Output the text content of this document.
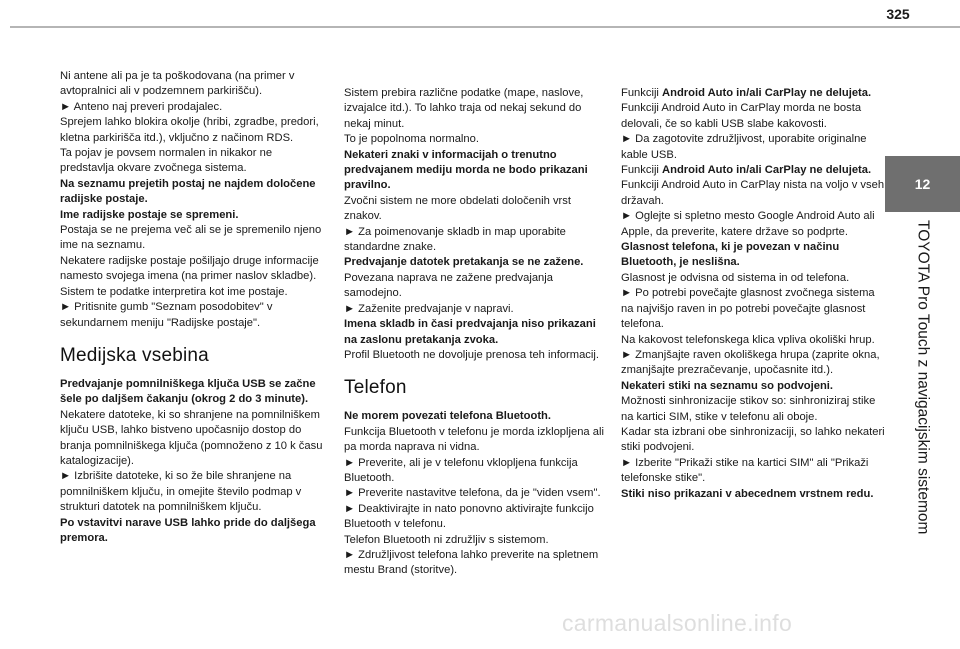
325
12
TOYOTA Pro Touch z navigacijskim sistemom

Ni antene ali pa je ta poškodovana (na primer v avtopralnici ali v podzemnem parkirišču).

► Anteno naj preveri prodajalec.

Sprejem lahko blokira okolje (hribi, zgradbe, predori, kletna parkirišča itd.), vključno z načinom RDS.

Ta pojav je povsem normalen in nikakor ne predstavlja okvare zvočnega sistema.

Na seznamu prejetih postaj ne najdem določene radijske postaje.

Ime radijske postaje se spremeni.

Postaja se ne prejema več ali se je spremenilo njeno ime na seznamu.

Nekatere radijske postaje pošiljajo druge informacije namesto svojega imena (na primer naslov skladbe).

Sistem te podatke interpretira kot ime postaje.

► Pritisnite gumb "Seznam posodobitev" v sekundarnem meniju "Radijske postaje".

Medijska vsebina

Predvajanje pomnilniškega ključa USB se začne šele po daljšem čakanju (okrog 2 do 3 minute).

Nekatere datoteke, ki so shranjene na pomnilniškem ključu USB, lahko bistveno upočasnijo dostop do branja pomnilniškega ključa (pomnoženo z 10 k času katalogizacije).

► Izbrišite datoteke, ki so že bile shranjene na pomnilniškem ključu, in omejite število podmap v strukturi datotek na pomnilniškem ključu.

Po vstavitvi narave USB lahko pride do daljšega premora.

Sistem prebira različne podatke (mape, naslove, izvajalce itd.). To lahko traja od nekaj sekund do nekaj minut.

To je popolnoma normalno.

Nekateri znaki v informacijah o trenutno predvajanem mediju morda ne bodo prikazani pravilno.

Zvočni sistem ne more obdelati določenih vrst znakov.

► Za poimenovanje skladb in map uporabite standardne znake.

Predvajanje datotek pretakanja se ne zažene.

Povezana naprava ne zažene predvajanja samodejno.

► Zaženite predvajanje v napravi.

Imena skladb in časi predvajanja niso prikazani na zaslonu pretakanja zvoka.

Profil Bluetooth ne dovoljuje prenosa teh informacij.

Telefon

Ne morem povezati telefona Bluetooth.

Funkcija Bluetooth v telefonu je morda izklopljena ali pa morda naprava ni vidna.

► Preverite, ali je v telefonu vklopljena funkcija Bluetooth.

► Preverite nastavitve telefona, da je "viden vsem".

► Deaktivirajte in nato ponovno aktivirajte funkcijo Bluetooth v telefonu.

Telefon Bluetooth ni združljiv s sistemom.

► Združljivost telefona lahko preverite na spletnem mestu Brand (storitve).

Funkciji Android Auto in/ali CarPlay ne delujeta.

Funkciji Android Auto in CarPlay morda ne bosta delovali, če so kabli USB slabe kakovosti.

► Da zagotovite združljivost, uporabite originalne kable USB.

Funkciji Android Auto in/ali CarPlay ne delujeta.

Funkciji Android Auto in CarPlay nista na voljo v vseh državah.

► Oglejte si spletno mesto Google Android Auto ali Apple, da preverite, katere države so podprte.

Glasnost telefona, ki je povezan v načinu Bluetooth, je neslišna.

Glasnost je odvisna od sistema in od telefona.

► Po potrebi povečajte glasnost zvočnega sistema na najvišjo raven in po potrebi povečajte glasnost telefona.

Na kakovost telefonskega klica vpliva okoliški hrup.

► Zmanjšajte raven okoliškega hrupa (zaprite okna, zmanjšajte prezračevanje, upočasnite itd.).

Nekateri stiki na seznamu so podvojeni.

Možnosti sinhronizacije stikov so: sinhroniziraj stike na kartici SIM, stike v telefonu ali oboje.

Kadar sta izbrani obe sinhronizaciji, so lahko nekateri stiki podvojeni.

► Izberite "Prikaži stike na kartici SIM" ali "Prikaži telefonske stike".

Stiki niso prikazani v abecednem vrstnem redu.

carmanualsonline.info
